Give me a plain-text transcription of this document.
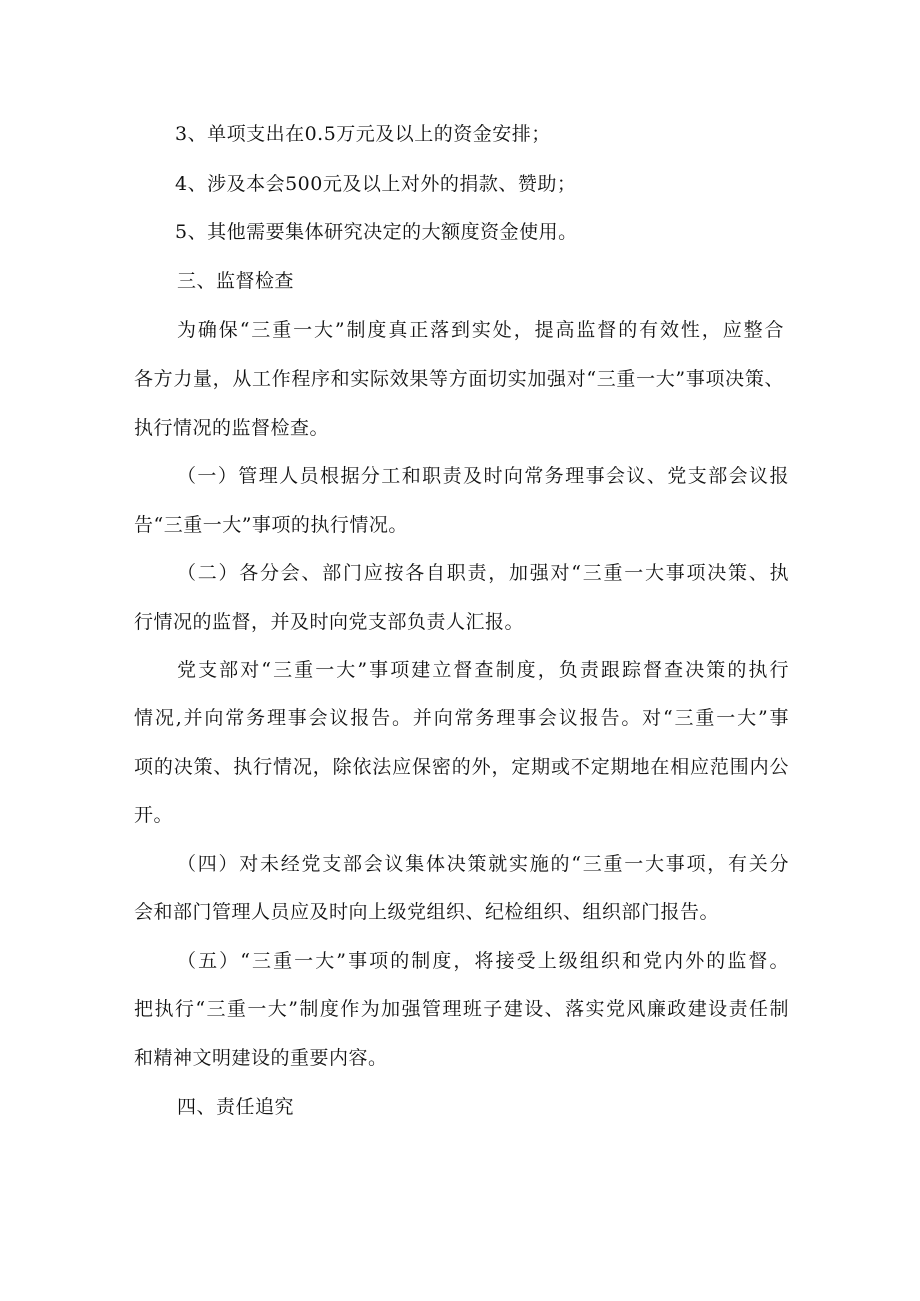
3、单项支出在0.5万元及以上的资金安排；
4、涉及本会500元及以上对外的捐款、赞助；
5、其他需要集体研究决定的大额度资金使用。
三、监督检查
为确保“三重一大”制度真正落到实处，提高监督的有效性，应整合
各方力量，从工作程序和实际效果等方面切实加强对“三重一大”事项决策、
执行情况的监督检查。
（一）管理人员根据分工和职责及时向常务理事会议、党支部会议报
告“三重一大”事项的执行情况。
（二）各分会、部门应按各自职责，加强对“三重一大事项决策、执
行情况的监督，并及时向党支部负责人汇报。
党支部对“三重一大”事项建立督查制度，负责跟踪督查决策的执行
情况,并向常务理事会议报告。并向常务理事会议报告。对“三重一大”事
项的决策、执行情况，除依法应保密的外，定期或不定期地在相应范围内公
开。
（四）对未经党支部会议集体决策就实施的“三重一大事项，有关分
会和部门管理人员应及时向上级党组织、纪检组织、组织部门报告。
（五）“三重一大”事项的制度，将接受上级组织和党内外的监督。
把执行“三重一大”制度作为加强管理班子建设、落实党风廉政建设责任制
和精神文明建设的重要内容。
四、责任追究
